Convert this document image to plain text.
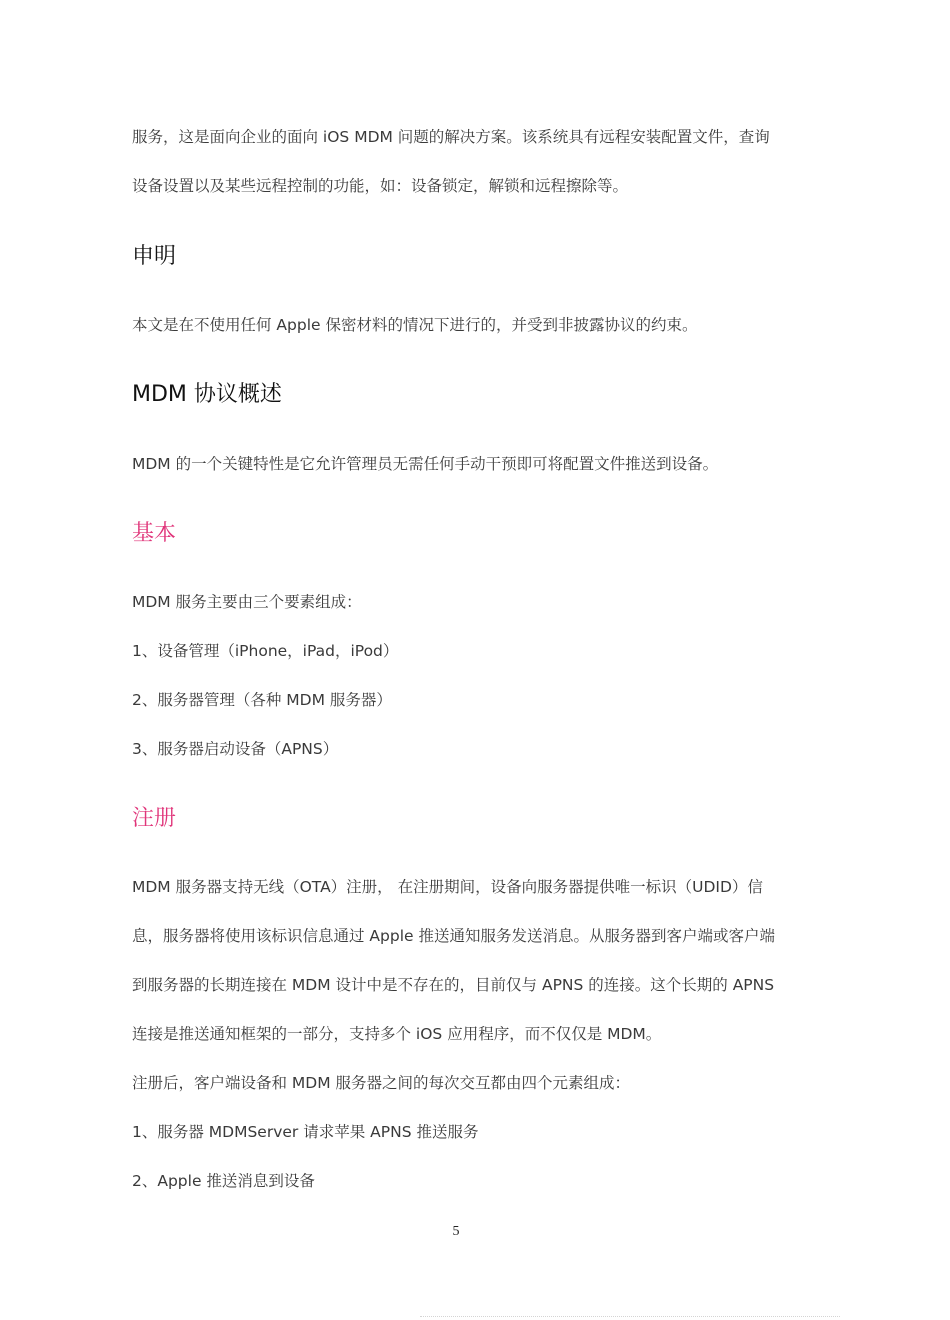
服务，这是面向企业的面向 iOS MDM 问题的解决方案。该系统具有远程安装配置文件，查询

设备设置以及某些远程控制的功能，如：设备锁定，解锁和远程擦除等。

申明

本文是在不使用任何 Apple 保密材料的情况下进行的，并受到非披露协议的约束。

MDM 协议概述

MDM 的一个关键特性是它允许管理员无需任何手动干预即可将配置文件推送到设备。

基本

MDM 服务主要由三个要素组成：

1、设备管理（iPhone，iPad，iPod）

2、服务器管理（各种 MDM 服务器）

3、服务器启动设备（APNS）

注册

MDM 服务器支持无线（OTA）注册， 在注册期间，设备向服务器提供唯一标识（UDID）信

息，服务器将使用该标识信息通过 Apple 推送通知服务发送消息。从服务器到客户端或客户端

到服务器的长期连接在 MDM 设计中是不存在的，目前仅与 APNS 的连接。这个长期的 APNS

连接是推送通知框架的一部分，支持多个 iOS 应用程序，而不仅仅是 MDM。

注册后，客户端设备和 MDM 服务器之间的每次交互都由四个元素组成：

1、服务器 MDMServer 请求苹果 APNS 推送服务

2、Apple 推送消息到设备

5
